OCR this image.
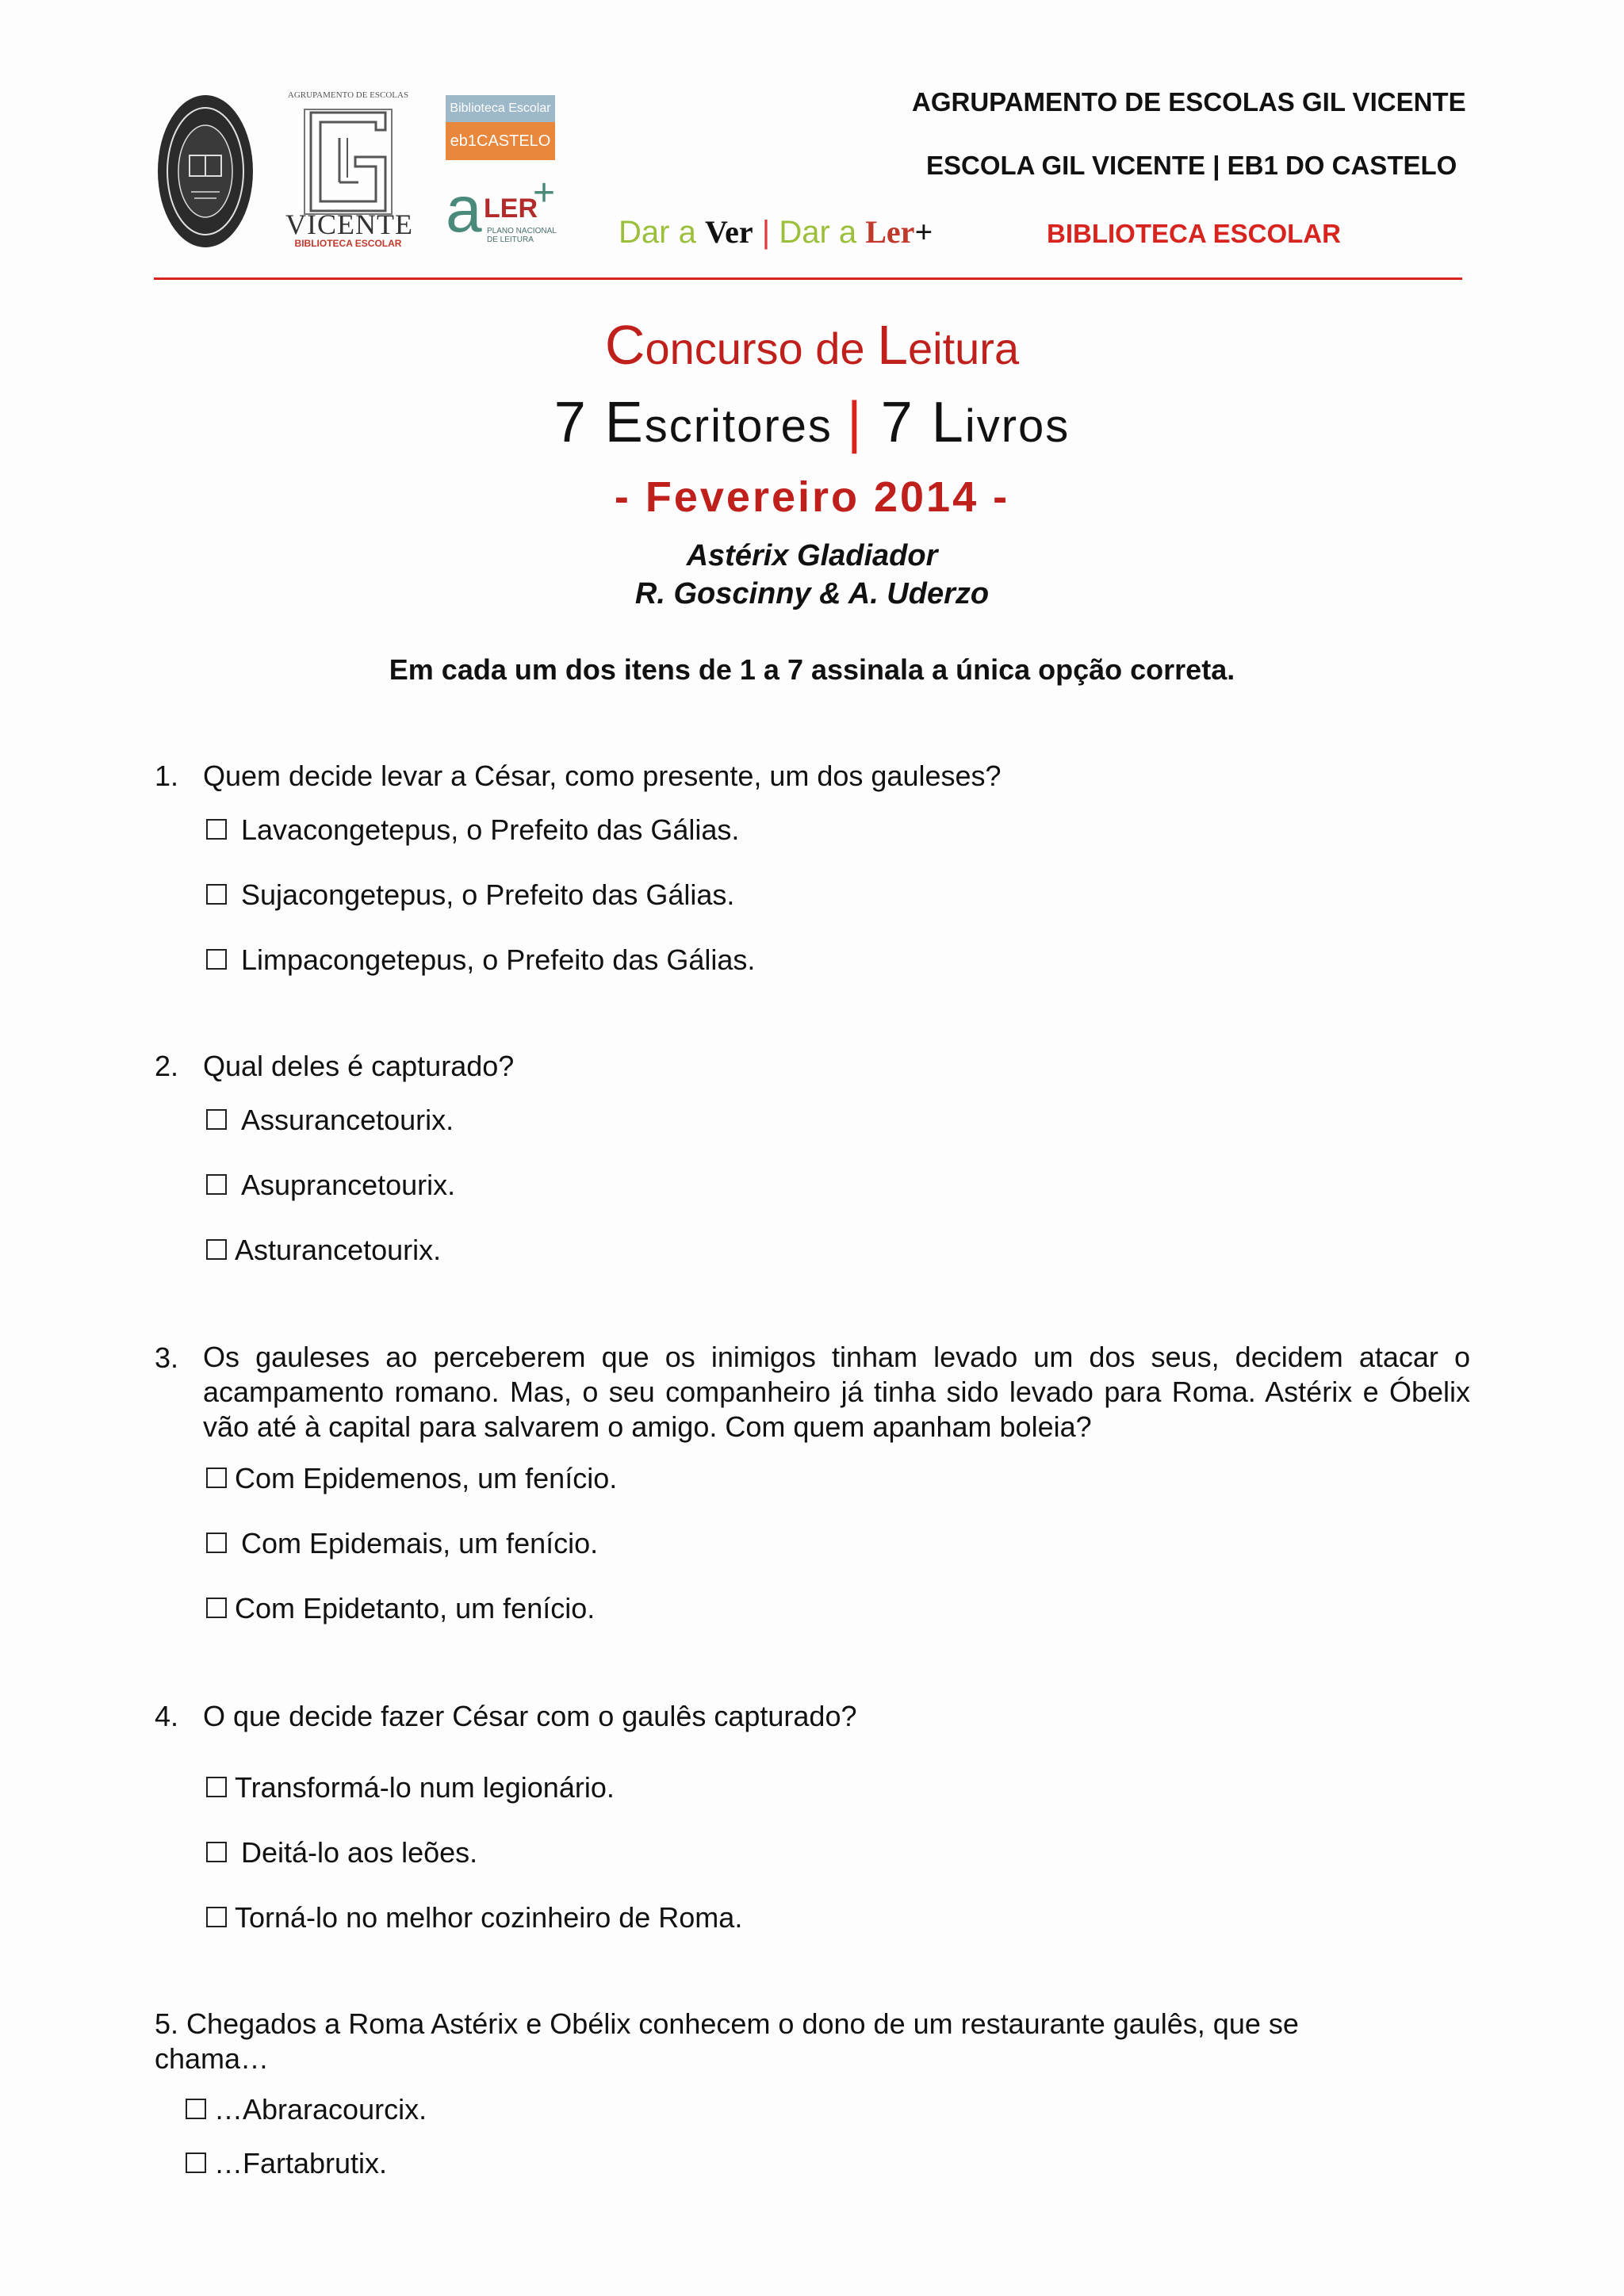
AGRUPAMENTO DE ESCOLAS
VICENTE
BIBLIOTECA ESCOLAR
Biblioteca Escolar
eb1CASTELO
a LER
+
PLANO NACIONAL DE LEITURA	Dar a Ver | Dar a Ler+
AGRUPAMENTO DE ESCOLAS GIL VICENTE
ESCOLA GIL VICENTE | EB1 DO CASTELO
BIBLIOTECA ESCOLAR
Concurso de Leitura
7 Escritores | 7 Livros
- Fevereiro 2014 -
Astérix Gladiador
R. Goscinny & A. Uderzo
Em cada um dos itens de 1 a 7 assinala a única opção correta.
1. Quem decide levar a César, como presente, um dos gauleses?
Lavacongetepus, o Prefeito das Gálias.
Sujacongetepus, o Prefeito das Gálias.
Limpacongetepus, o Prefeito das Gálias.
2. Qual deles é capturado?
Assurancetourix.
Asuprancetourix.
Asturancetourix.
3. Os gauleses ao perceberem que os inimigos tinham levado um dos seus, decidem atacar o acampamento romano. Mas, o seu companheiro já tinha sido levado para Roma. Astérix e Óbelix vão até à capital para salvarem o amigo. Com quem apanham boleia?
Com Epidemenos, um fenício.
Com Epidemais, um fenício.
Com Epidetanto, um fenício.
4. O que decide fazer César com o gaulês capturado?
Transformá-lo num legionário.
Deitá-lo aos leões.
Torná-lo no melhor cozinheiro de Roma.
5. Chegados a Roma Astérix e Obélix conhecem o dono de um restaurante gaulês, que se
chama…
…Abraracourcix.
…Fartabrutix.
